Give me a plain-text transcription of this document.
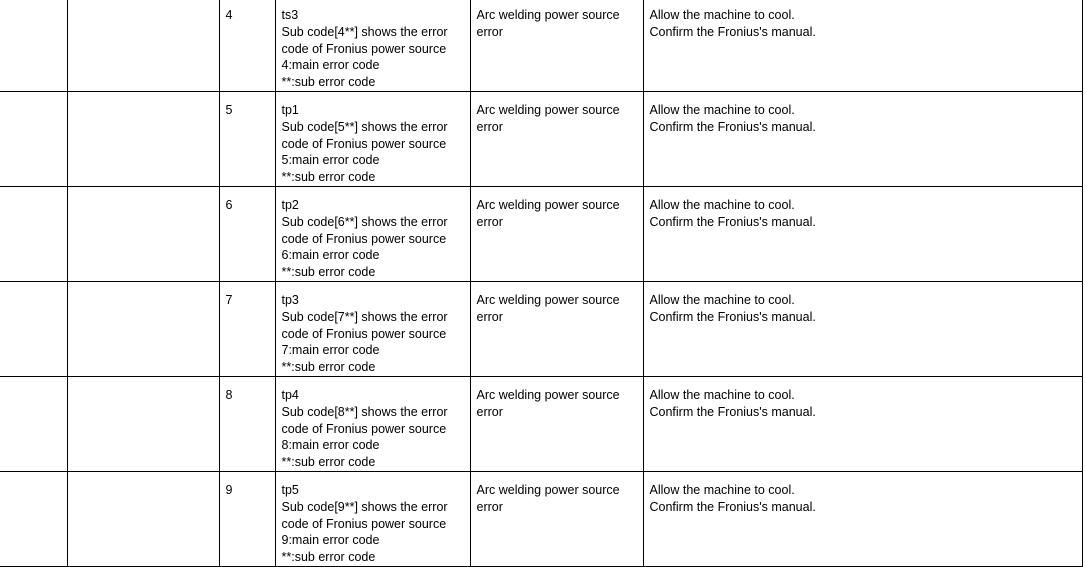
		4	ts3
Sub code[4**] shows the error
code of Fronius power source
4:main error code
**:sub error code	Arc welding power source
error	Allow the machine to cool.
Confirm the Fronius's manual.

		5	tp1
Sub code[5**] shows the error
code of Fronius power source
5:main error code
**:sub error code	Arc welding power source
error	Allow the machine to cool.
Confirm the Fronius's manual.

		6	tp2
Sub code[6**] shows the error
code of Fronius power source
6:main error code
**:sub error code	Arc welding power source
error	Allow the machine to cool.
Confirm the Fronius's manual.

		7	tp3
Sub code[7**] shows the error
code of Fronius power source
7:main error code
**:sub error code	Arc welding power source
error	Allow the machine to cool.
Confirm the Fronius's manual.

		8	tp4
Sub code[8**] shows the error
code of Fronius power source
8:main error code
**:sub error code	Arc welding power source
error	Allow the machine to cool.
Confirm the Fronius's manual.

		9	tp5
Sub code[9**] shows the error
code of Fronius power source
9:main error code
**:sub error code	Arc welding power source
error	Allow the machine to cool.
Confirm the Fronius's manual.
